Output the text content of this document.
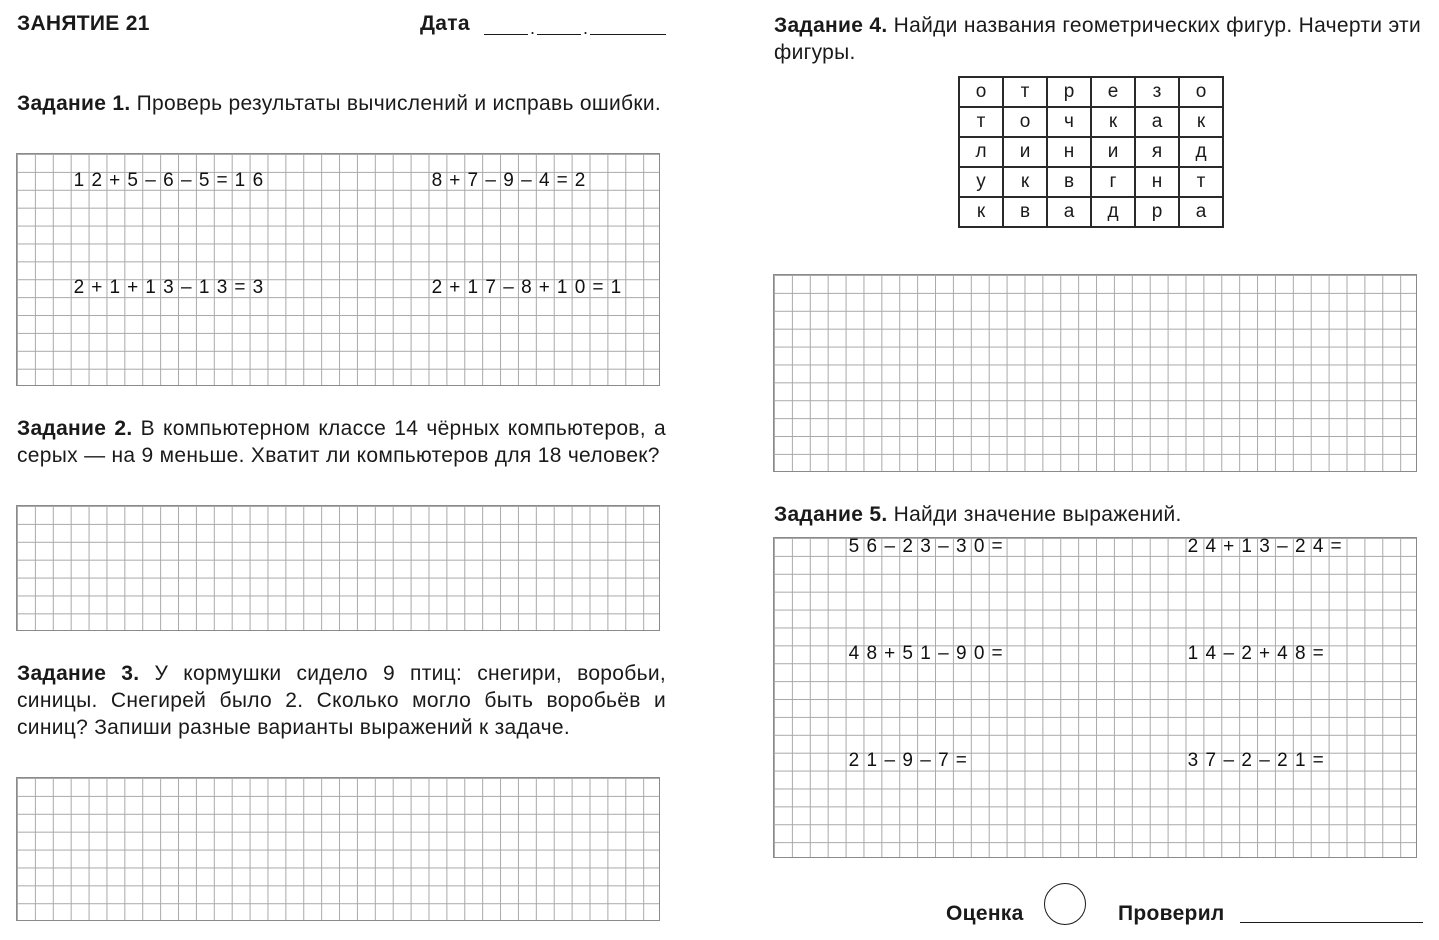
ЗАНЯТИЕ 21	Дата	.	.
Задание 1. Проверь результаты вычислений и исправь ошибки.
1 2 + 5 – 6 – 5 = 1 6	8 + 7 – 9 – 4 = 2
2 + 1 + 1 3 – 1 3 = 3	2 + 1 7 – 8 + 1 0 = 1
Задание 2. В компьютерном классе 14 чёрных компьютеров, а серых — на 9 меньше. Хватит ли компьютеров для 18 человек?
Задание 3. У кормушки сидело 9 птиц: снегири, воробьи, синицы. Снегирей было 2. Сколько могло быть воробьёв и синиц? Запиши разные варианты выражений к задаче.
Задание 4. Найди названия геометрических фигур. Начерти эти фигуры.
о	т	р	е	з	о
т	о	ч	к	а	к
л	и	н	и	я	д
у	к	в	г	н	т
к	в	а	д	р	а
Задание 5. Найди значение выражений.
5 6 – 2 3 – 3 0 =	2 4 + 1 3 – 2 4 =
4 8 + 5 1 – 9 0 =	1 4 – 2 + 4 8 =
2 1 – 9 – 7 =	3 7 – 2 – 2 1 =
Оценка	Проверил
